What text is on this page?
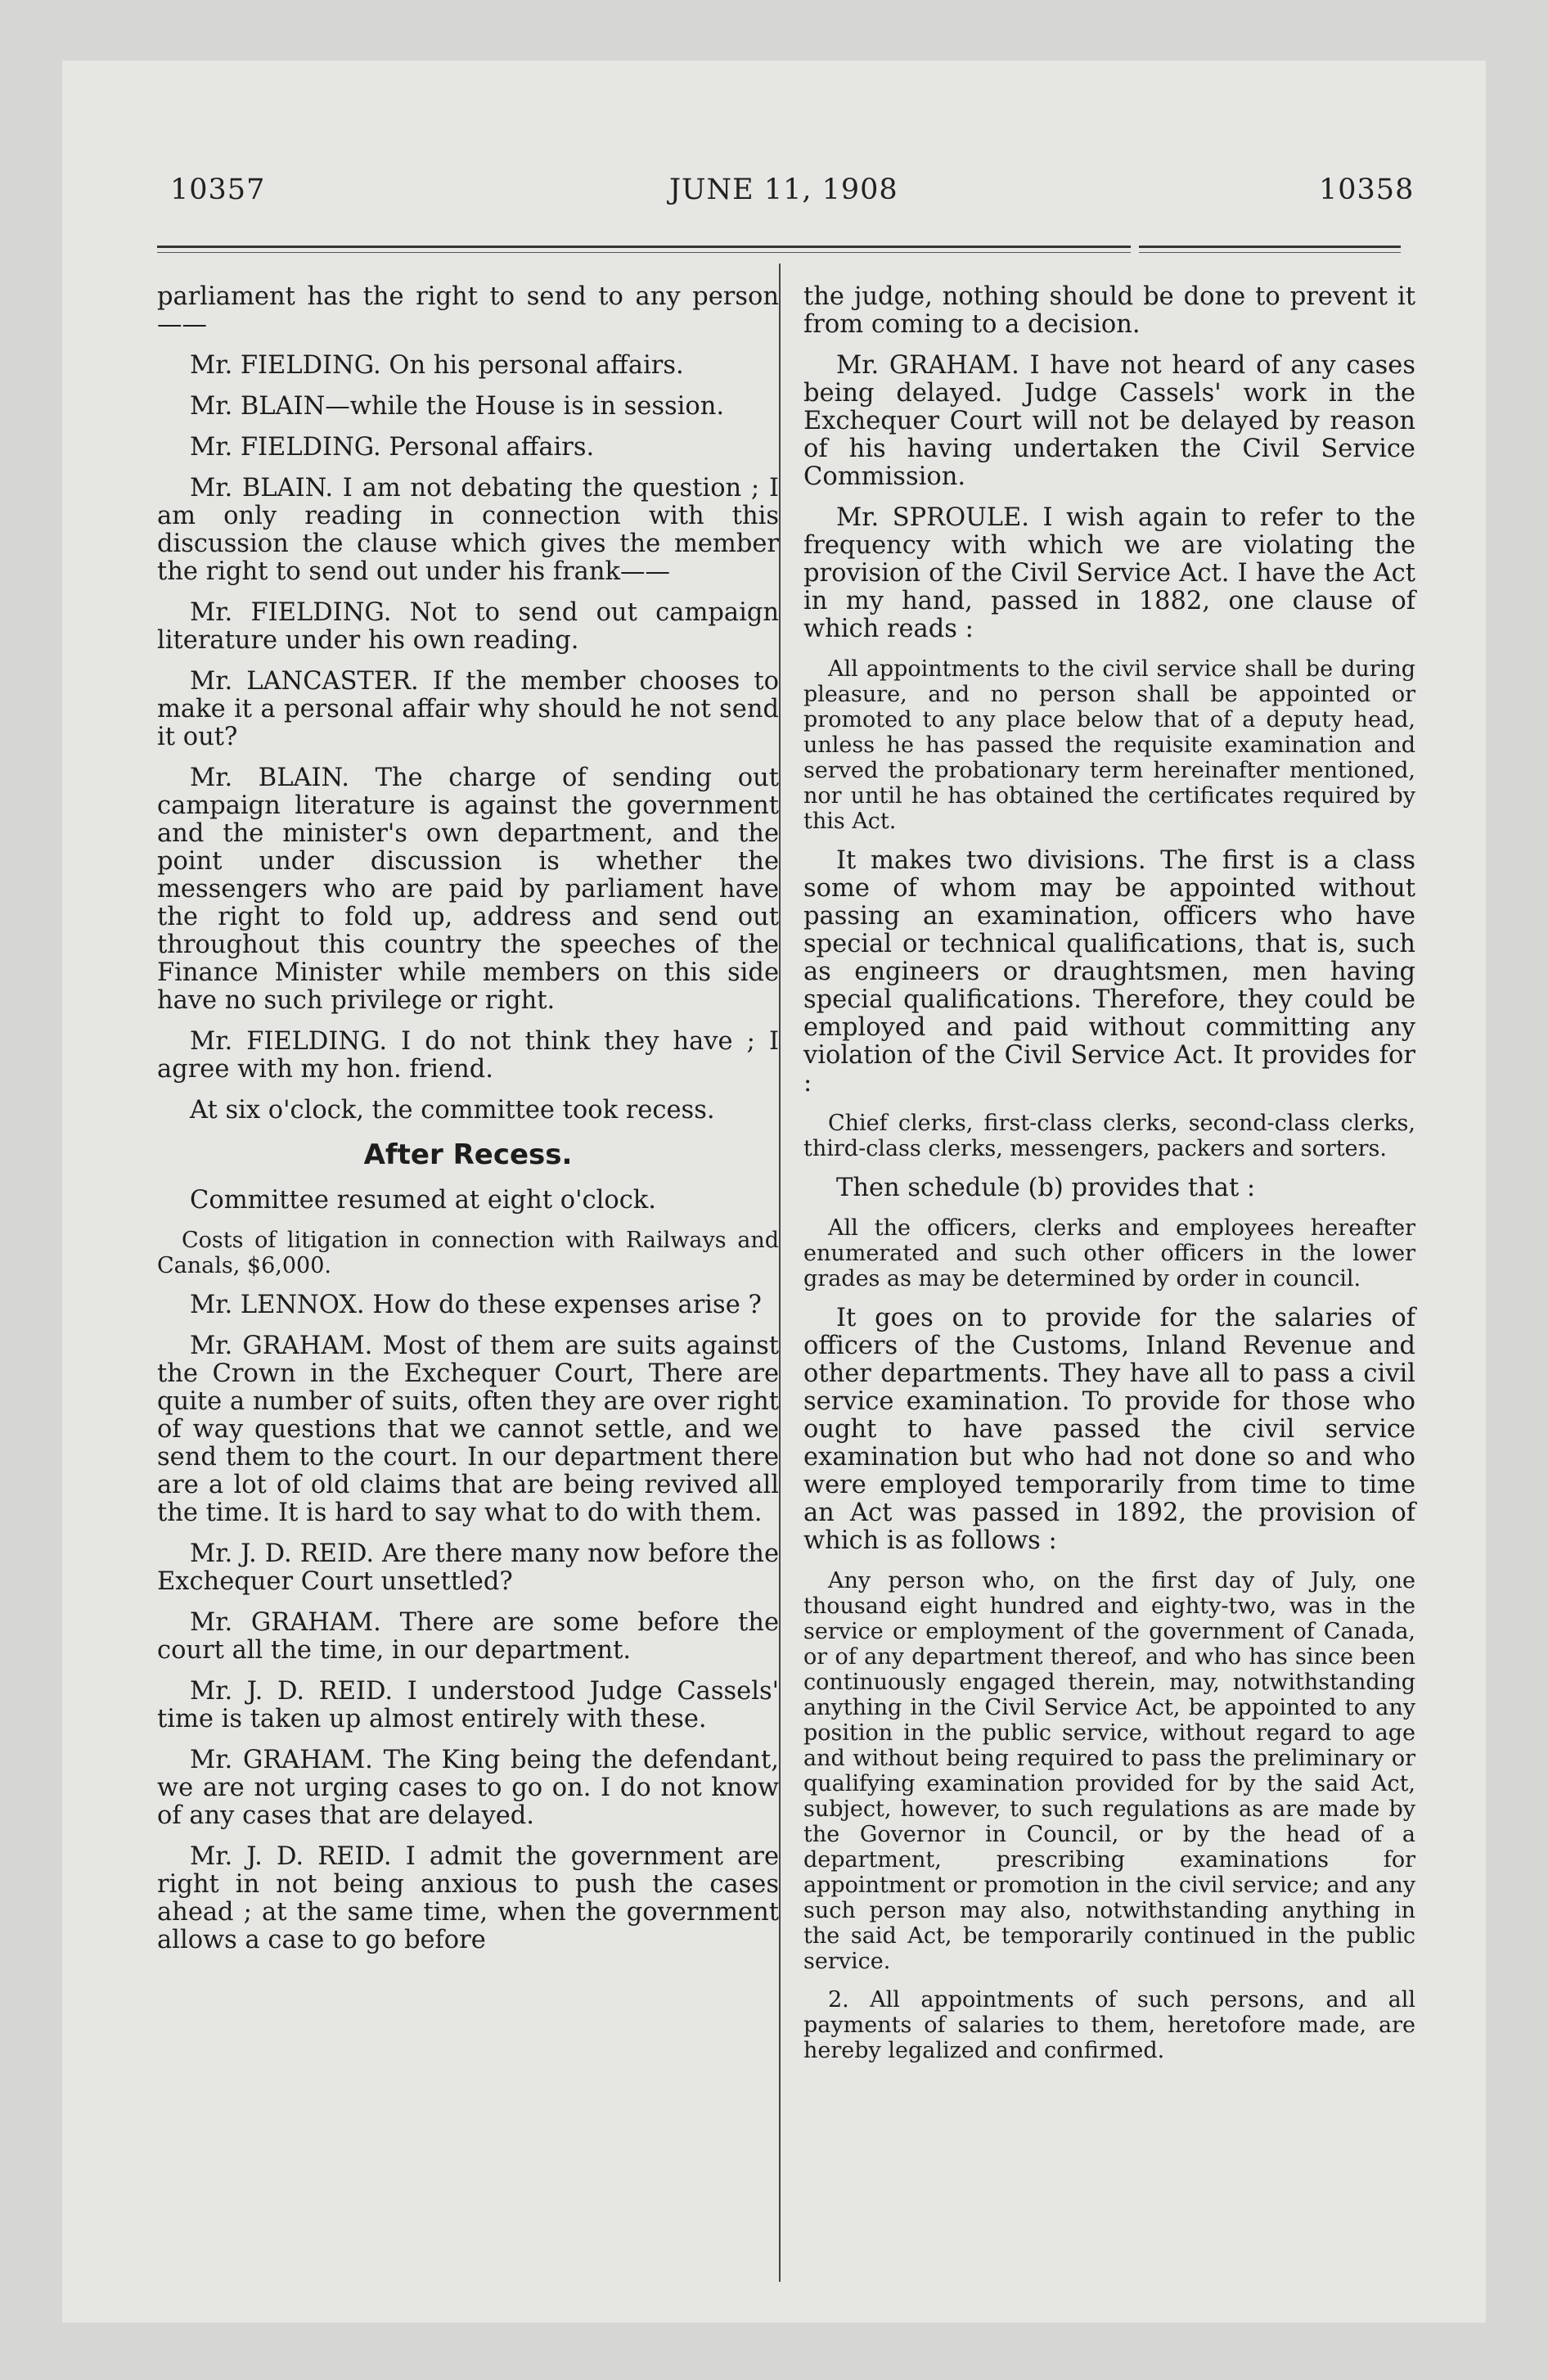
10357	JUNE 11, 1908	10358
parliament has the right to send to any person——
Mr. FIELDING. On his personal affairs.
Mr. BLAIN—while the House is in session.
Mr. FIELDING. Personal affairs.
Mr. BLAIN. I am not debating the question ; I am only reading in connection with this discussion the clause which gives the member the right to send out under his frank——
Mr. FIELDING. Not to send out campaign literature under his own reading.
Mr. LANCASTER. If the member chooses to make it a personal affair why should he not send it out?
Mr. BLAIN. The charge of sending out campaign literature is against the government and the minister's own department, and the point under discussion is whether the messengers who are paid by parliament have the right to fold up, address and send out throughout this country the speeches of the Finance Minister while members on this side have no such privilege or right.
Mr. FIELDING. I do not think they have ; I agree with my hon. friend.
At six o'clock, the committee took recess.
After Recess.
Committee resumed at eight o'clock.
Costs of litigation in connection with Railways and Canals, $6,000.
Mr. LENNOX. How do these expenses arise ?
Mr. GRAHAM. Most of them are suits against the Crown in the Exchequer Court, There are quite a number of suits, often they are over right of way questions that we cannot settle, and we send them to the court. In our department there are a lot of old claims that are being revived all the time. It is hard to say what to do with them.
Mr. J. D. REID. Are there many now before the Exchequer Court unsettled?
Mr. GRAHAM. There are some before the court all the time, in our department.
Mr. J. D. REID. I understood Judge Cassels' time is taken up almost entirely with these.
Mr. GRAHAM. The King being the defendant, we are not urging cases to go on. I do not know of any cases that are delayed.
Mr. J. D. REID. I admit the government are right in not being anxious to push the cases ahead ; at the same time, when the government allows a case to go before
the judge, nothing should be done to prevent it from coming to a decision.
Mr. GRAHAM. I have not heard of any cases being delayed. Judge Cassels' work in the Exchequer Court will not be delayed by reason of his having undertaken the Civil Service Commission.
Mr. SPROULE. I wish again to refer to the frequency with which we are violating the provision of the Civil Service Act. I have the Act in my hand, passed in 1882, one clause of which reads :
All appointments to the civil service shall be during pleasure, and no person shall be appointed or promoted to any place below that of a deputy head, unless he has passed the requisite examination and served the probationary term hereinafter mentioned, nor until he has obtained the certificates required by this Act.
It makes two divisions. The first is a class some of whom may be appointed without passing an examination, officers who have special or technical qualifications, that is, such as engineers or draughtsmen, men having special qualifications. Therefore, they could be employed and paid without committing any violation of the Civil Service Act. It provides for :
Chief clerks, first-class clerks, second-class clerks, third-class clerks, messengers, packers and sorters.
Then schedule (b) provides that :
All the officers, clerks and employees hereafter enumerated and such other officers in the lower grades as may be determined by order in council.
It goes on to provide for the salaries of officers of the Customs, Inland Revenue and other departments. They have all to pass a civil service examination. To provide for those who ought to have passed the civil service examination but who had not done so and who were employed temporarily from time to time an Act was passed in 1892, the provision of which is as follows :
Any person who, on the first day of July, one thousand eight hundred and eighty-two, was in the service or employment of the government of Canada, or of any department thereof, and who has since been continuously engaged therein, may, notwithstanding anything in the Civil Service Act, be appointed to any position in the public service, without regard to age and without being required to pass the preliminary or qualifying examination provided for by the said Act, subject, however, to such regulations as are made by the Governor in Council, or by the head of a department, prescribing examinations for appointment or promotion in the civil service; and any such person may also, notwithstanding anything in the said Act, be temporarily continued in the public service.
2. All appointments of such persons, and all payments of salaries to them, heretofore made, are hereby legalized and confirmed.
